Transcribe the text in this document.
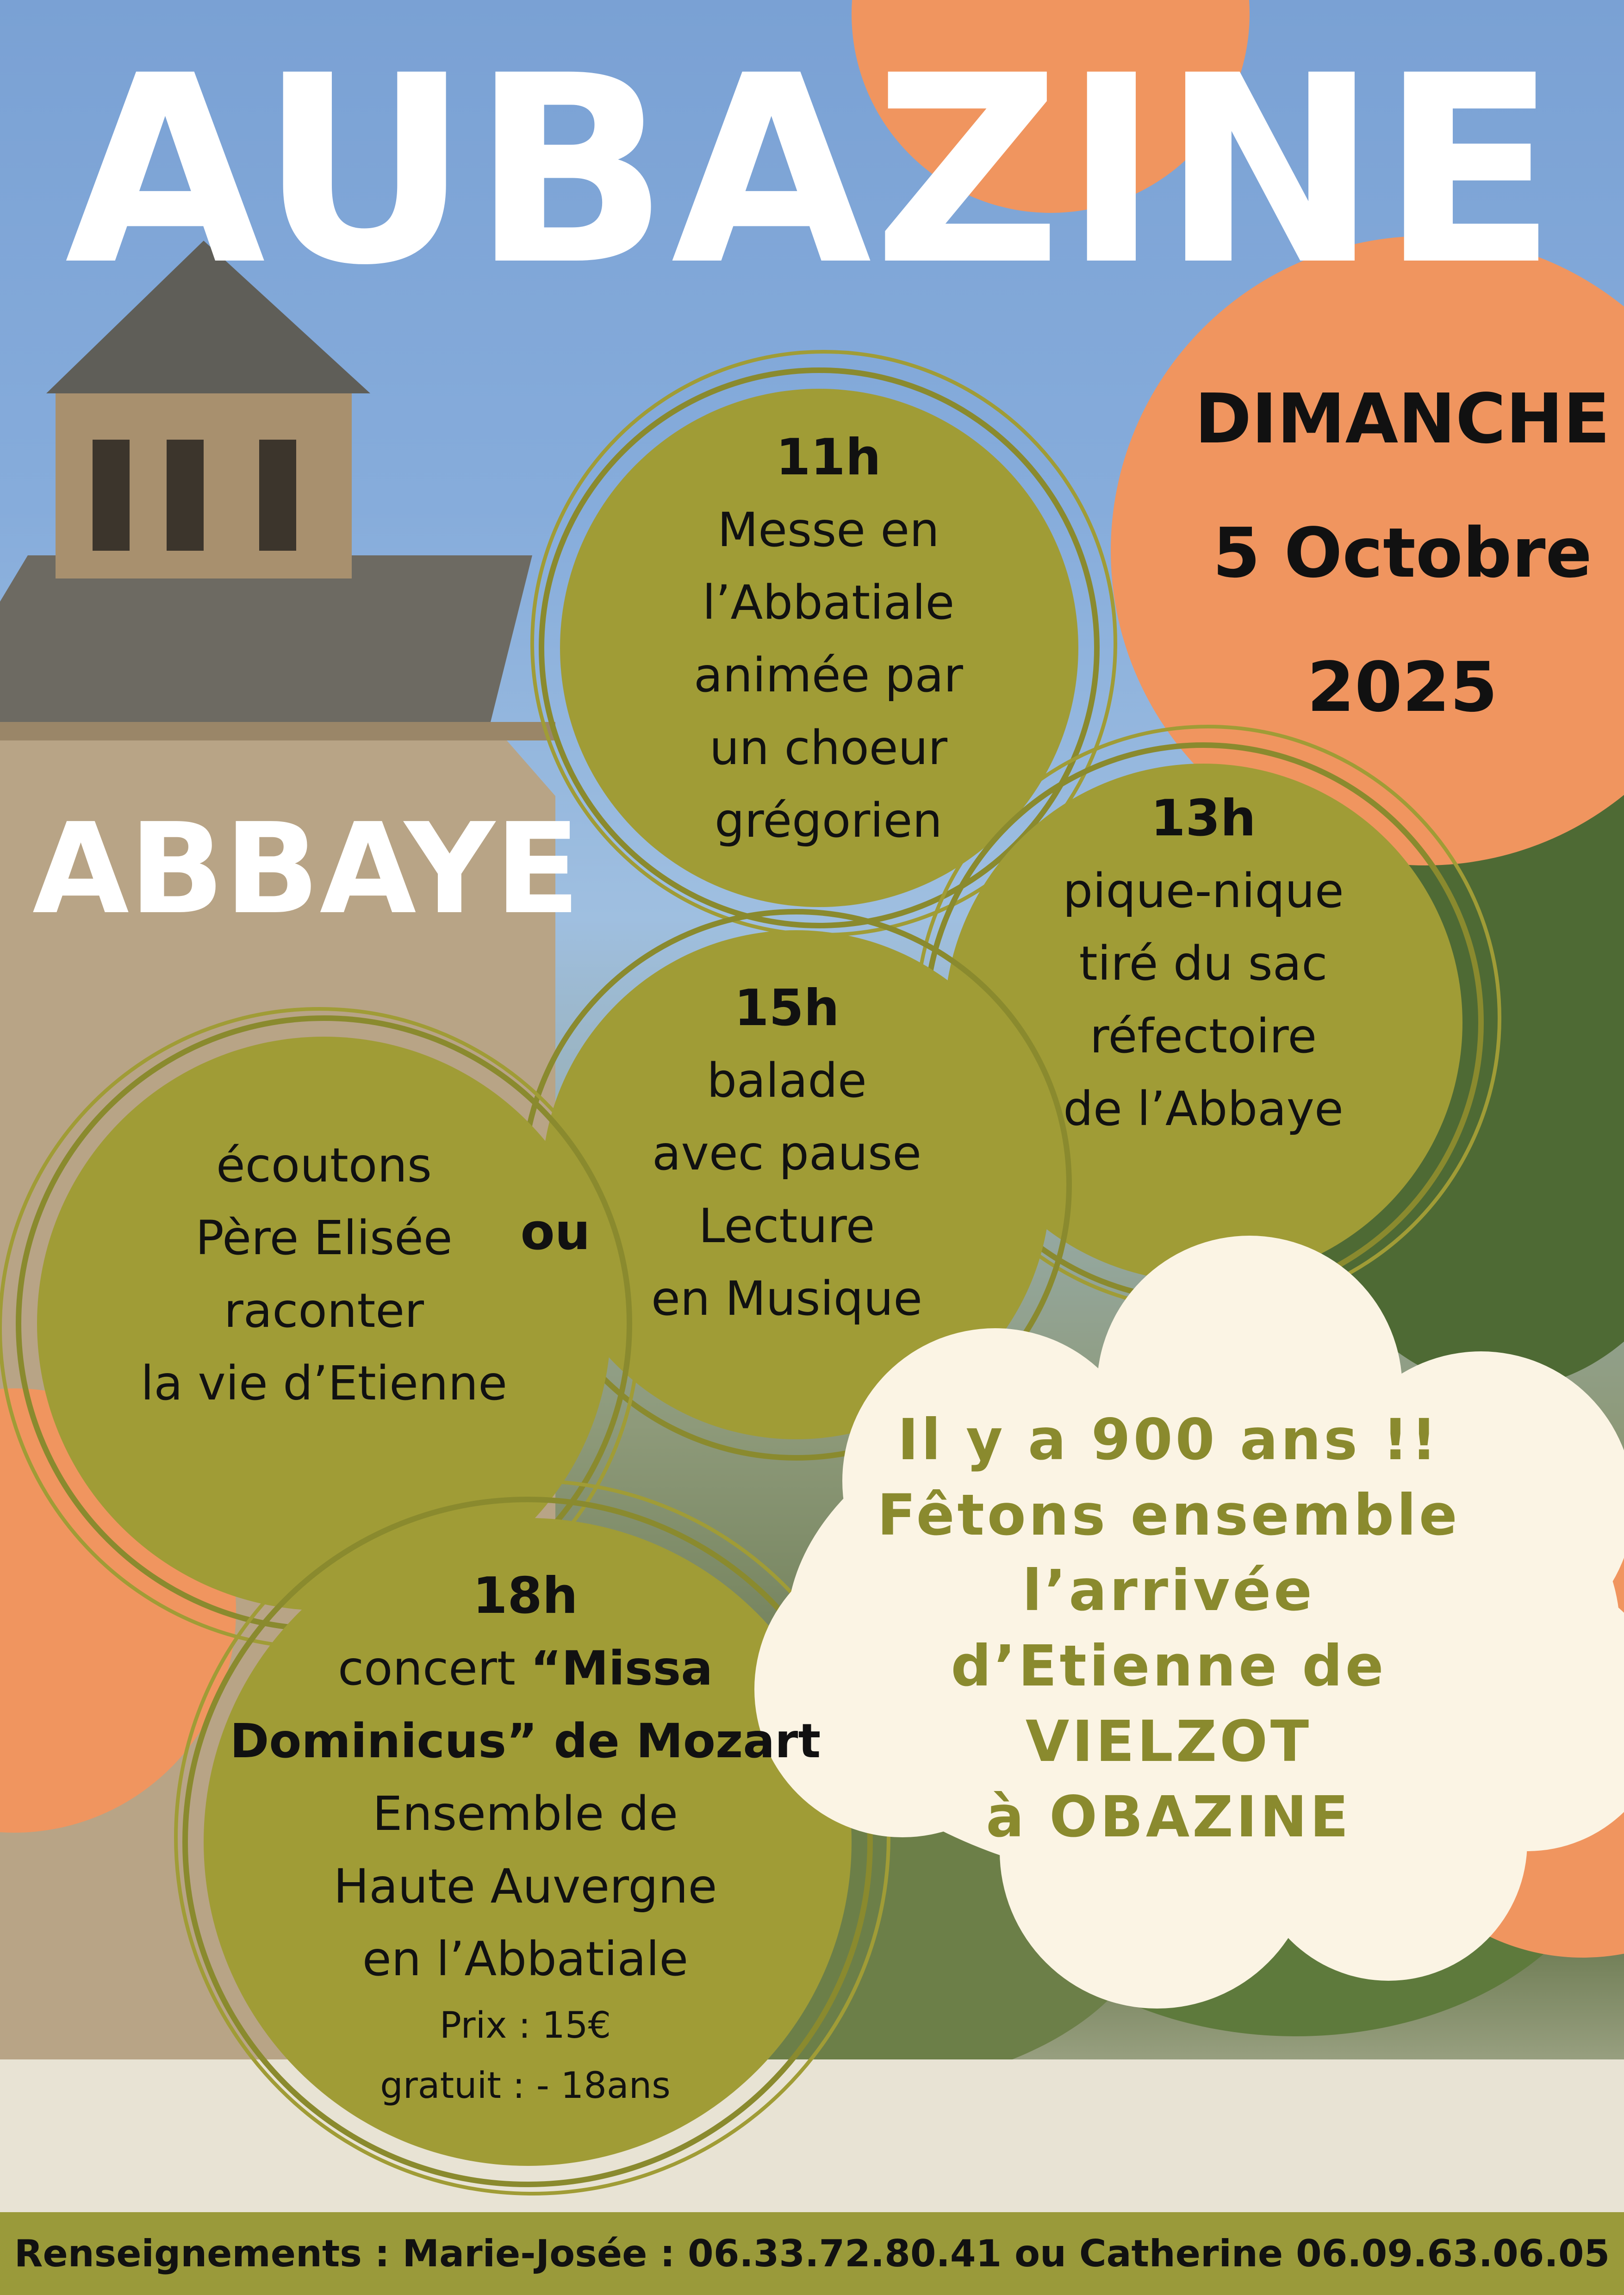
AUBAZINE
ABBAYE
DIMANCHE
5 Octobre
2025
11h
Messe en
l’Abbatiale
animée par
un choeur
grégorien	13h
pique-nique
tiré du sac
réfectoire
de l’Abbaye
15h
balade
avec pause
Lecture
en Musique
écoutons
Père Elisée
raconter
la vie d’Etienne
ou
18h
concert “Missa
Dominicus” de Mozart
Ensemble de
Haute Auvergne
en l’Abbatiale
Prix : 15€
gratuit : - 18ans
Il y a 900 ans !!
Fêtons ensemble
l’arrivée
d’Etienne de
VIELZOT
à OBAZINE
Renseignements : Marie-Josée : 06.33.72.80.41 ou Catherine 06.09.63.06.05
